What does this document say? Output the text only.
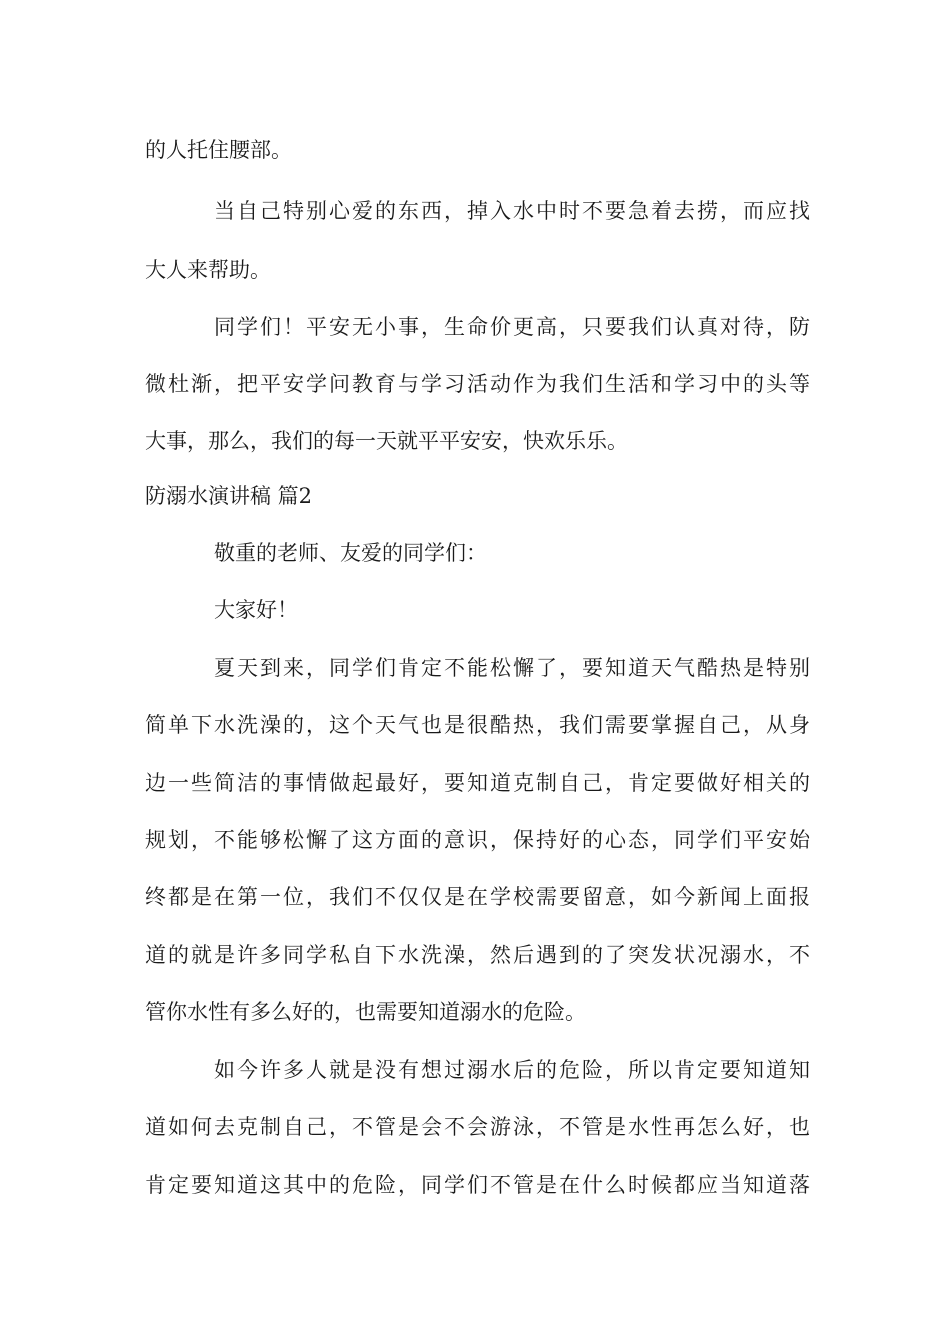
的人托住腰部。
当自己特别心爱的东西，掉入水中时不要急着去捞，而应找
大人来帮助。
同学们！平安无小事，生命价更高，只要我们认真对待，防
微杜渐，把平安学问教育与学习活动作为我们生活和学习中的头等
大事，那么，我们的每一天就平平安安，快欢乐乐。
防溺水演讲稿 篇2
敬重的老师、友爱的同学们：
大家好！
夏天到来，同学们肯定不能松懈了，要知道天气酷热是特别
简单下水洗澡的，这个天气也是很酷热，我们需要掌握自己，从身
边一些简洁的事情做起最好，要知道克制自己，肯定要做好相关的
规划，不能够松懈了这方面的意识，保持好的心态，同学们平安始
终都是在第一位，我们不仅仅是在学校需要留意，如今新闻上面报
道的就是许多同学私自下水洗澡，然后遇到的了突发状况溺水，不
管你水性有多么好的，也需要知道溺水的危险。
如今许多人就是没有想过溺水后的危险，所以肯定要知道知
道如何去克制自己，不管是会不会游泳，不管是水性再怎么好，也
肯定要知道这其中的危险，同学们不管是在什么时候都应当知道落
